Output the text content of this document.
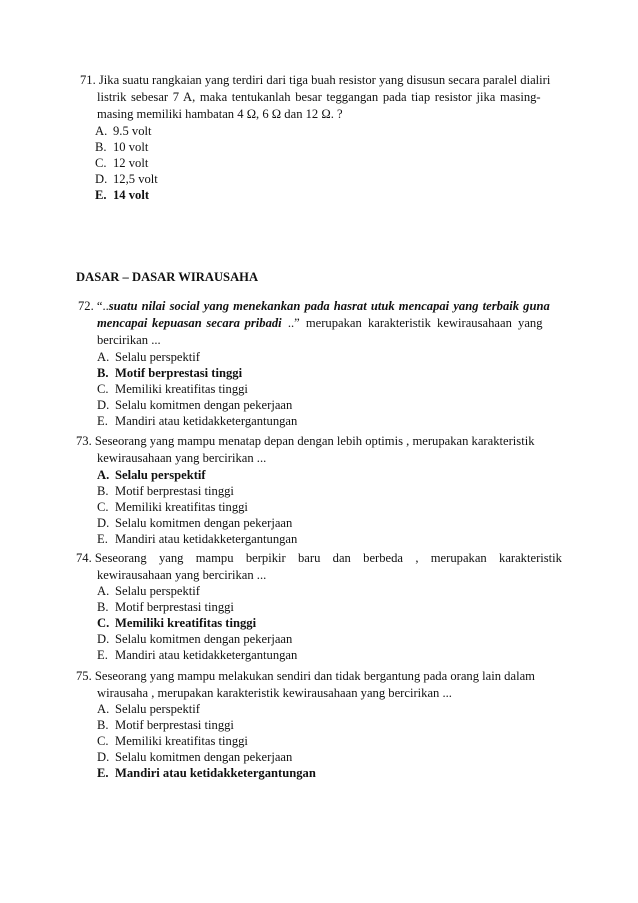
71. Jika suatu rangkaian yang terdiri dari tiga buah resistor yang disusun secara paralel dialiri
listrik sebesar 7 A, maka tentukanlah besar teggangan pada tiap resistor jika masing-
masing memiliki hambatan 4 Ω, 6 Ω dan 12 Ω. ?
A. 9.5 volt
B. 10 volt
C. 12 volt
D. 12,5 volt
E. 14 volt
DASAR – DASAR WIRAUSAHA
72. “..suatu nilai social yang menekankan pada hasrat utuk mencapai yang terbaik guna
mencapai kepuasan secara pribadi ..” merupakan karakteristik kewirausahaan yang
bercirikan ...
A. Selalu perspektif
B. Motif berprestasi tinggi
C. Memiliki kreatifitas tinggi
D. Selalu komitmen dengan pekerjaan
E. Mandiri atau ketidakketergantungan
73. Seseorang yang mampu menatap depan dengan lebih optimis , merupakan karakteristik
kewirausahaan yang bercirikan ...
A. Selalu perspektif
B. Motif berprestasi tinggi
C. Memiliki kreatifitas tinggi
D. Selalu komitmen dengan pekerjaan
E. Mandiri atau ketidakketergantungan
74. Seseorang yang mampu berpikir baru dan berbeda , merupakan karakteristik
kewirausahaan yang bercirikan ...
A. Selalu perspektif
B. Motif berprestasi tinggi
C. Memiliki kreatifitas tinggi
D. Selalu komitmen dengan pekerjaan
E. Mandiri atau ketidakketergantungan
75. Seseorang yang mampu melakukan sendiri dan tidak bergantung pada orang lain dalam
wirausaha , merupakan karakteristik kewirausahaan yang bercirikan ...
A. Selalu perspektif
B. Motif berprestasi tinggi
C. Memiliki kreatifitas tinggi
D. Selalu komitmen dengan pekerjaan
E. Mandiri atau ketidakketergantungan
